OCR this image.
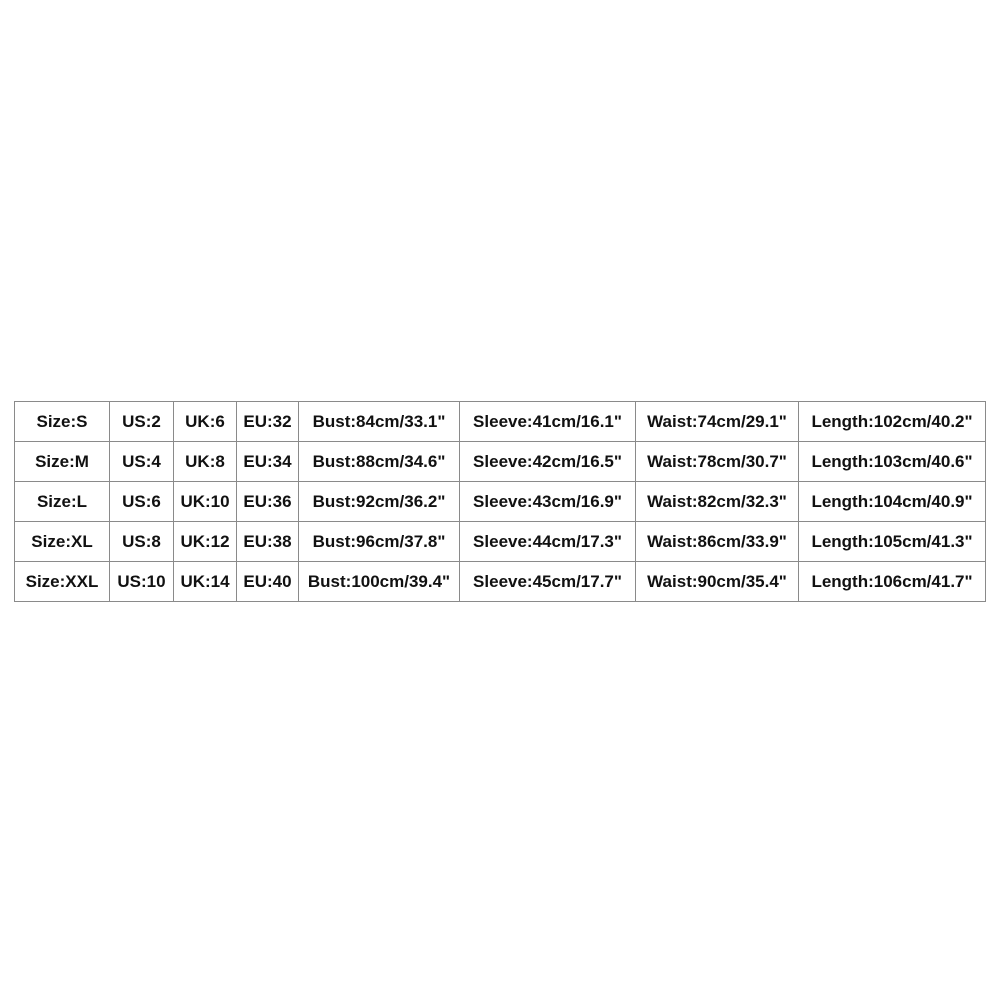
Size:S	US:2	UK:6	EU:32	Bust:84cm/33.1"	Sleeve:41cm/16.1"	Waist:74cm/29.1"	Length:102cm/40.2"
Size:M	US:4	UK:8	EU:34	Bust:88cm/34.6"	Sleeve:42cm/16.5"	Waist:78cm/30.7"	Length:103cm/40.6"
Size:L	US:6	UK:10	EU:36	Bust:92cm/36.2"	Sleeve:43cm/16.9"	Waist:82cm/32.3"	Length:104cm/40.9"
Size:XL	US:8	UK:12	EU:38	Bust:96cm/37.8"	Sleeve:44cm/17.3"	Waist:86cm/33.9"	Length:105cm/41.3"
Size:XXL	US:10	UK:14	EU:40	Bust:100cm/39.4"	Sleeve:45cm/17.7"	Waist:90cm/35.4"	Length:106cm/41.7"
